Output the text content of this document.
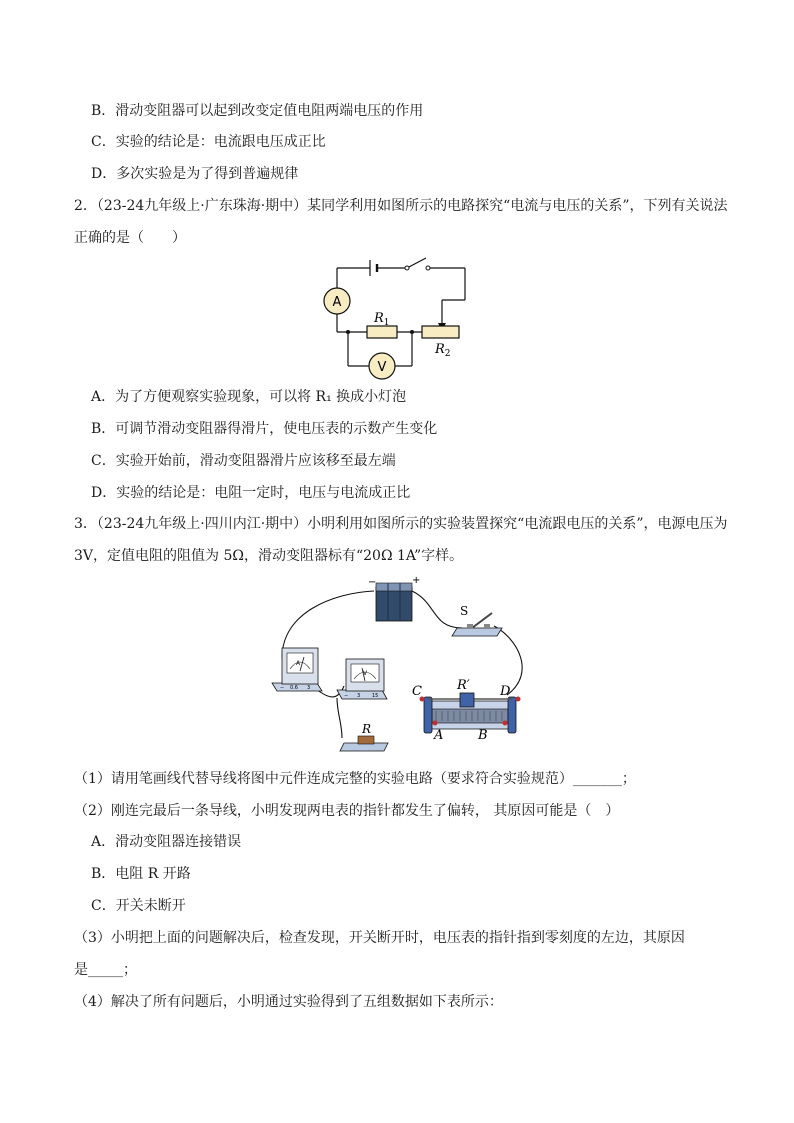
B．滑动变阻器可以起到改变定值电阻两端电压的作用
C．实验的结论是：电流跟电压成正比
D．多次实验是为了得到普遍规律
2．（23-24九年级上·广东珠海·期中）某同学利用如图所示的电路探究“电流与电压的关系”，下列有关说法
正确的是（　　）
A
V
$R_1$
$R_2$
A．为了方便观察实验现象，可以将 R₁ 换成小灯泡
B．可调节滑动变阻器得滑片，使电压表的示数产生变化
C．实验开始前，滑动变阻器滑片应该移至最左端
D．实验的结论是：电阻一定时，电压与电流成正比
3．（23-24九年级上·四川内江·期中）小明利用如图所示的实验装置探究“电流跟电压的关系”，电源电压为
3V，定值电阻的阻值为 5Ω，滑动变阻器标有“20Ω 1A”字样。
−	+
S
A
− 0.6 3
V
− 3 15
R
C	R′ D
A	B
（1）请用笔画线代替导线将图中元件连成完整的实验电路（要求符合实验规范）_______；
（2）刚连完最后一条导线，小明发现两电表的指针都发生了偏转， 其原因可能是（　）
A．滑动变阻器连接错误
B．电阻 R 开路
C．开关未断开
（3）小明把上面的问题解决后，检查发现，开关断开时，电压表的指针指到零刻度的左边，其原因
是_____；
（4）解决了所有问题后，小明通过实验得到了五组数据如下表所示：
